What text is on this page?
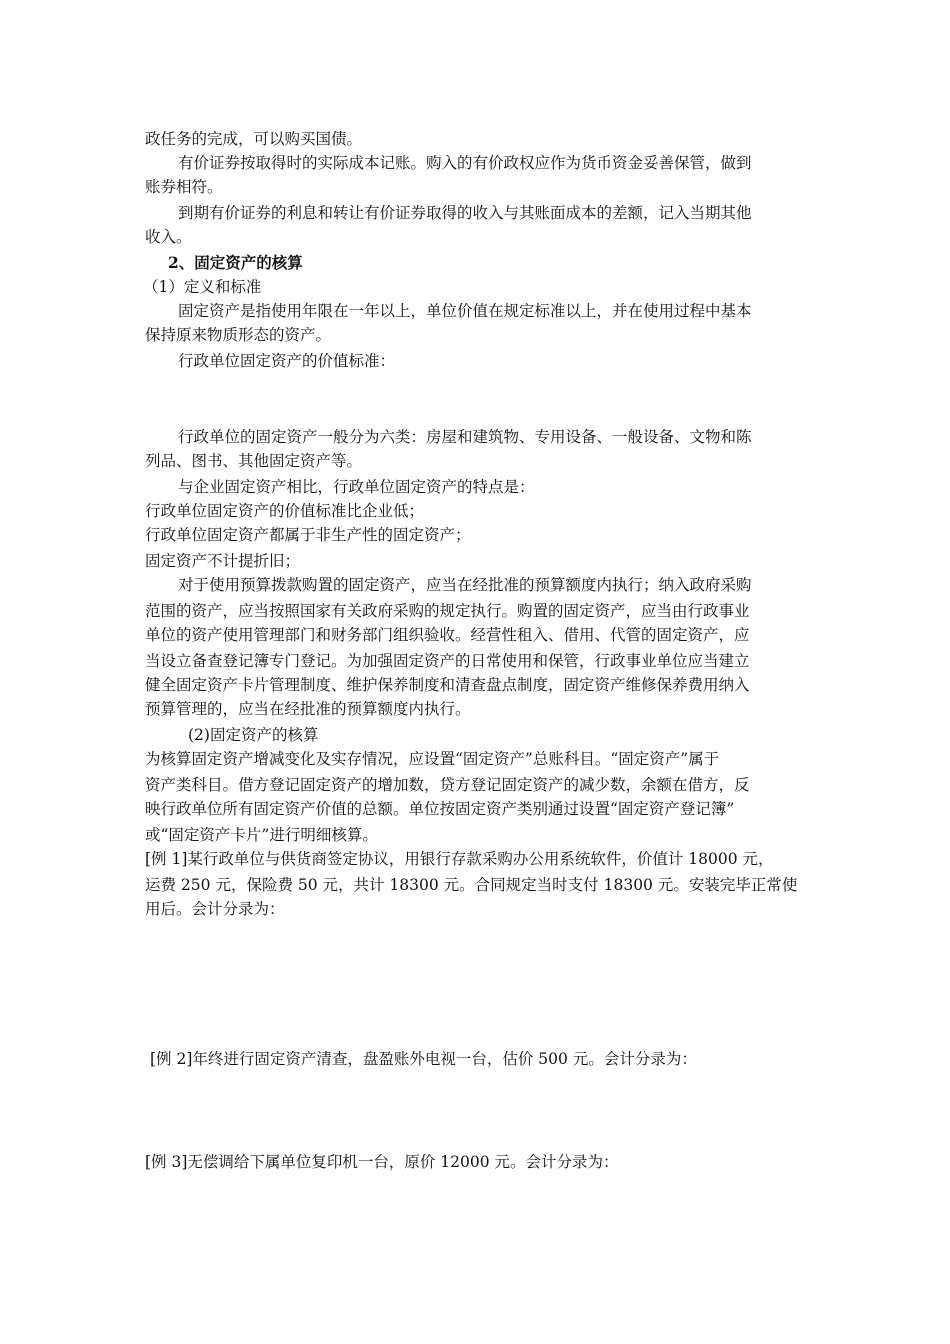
政任务的完成，可以购买国债。
有价证券按取得时的实际成本记账。购入的有价政权应作为货币资金妥善保管，做到
账券相符。
到期有价证券的利息和转让有价证券取得的收入与其账面成本的差额，记入当期其他
收入。
2、固定资产的核算
（1）定义和标准
固定资产是指使用年限在一年以上，单位价值在规定标准以上，并在使用过程中基本
保持原来物质形态的资产。
行政单位固定资产的价值标准：
行政单位的固定资产一般分为六类：房屋和建筑物、专用设备、一般设备、文物和陈
列品、图书、其他固定资产等。
与企业固定资产相比，行政单位固定资产的特点是：
行政单位固定资产的价值标准比企业低；
行政单位固定资产都属于非生产性的固定资产；
固定资产不计提折旧；
对于使用预算拨款购置的固定资产，应当在经批准的预算额度内执行；纳入政府采购
范围的资产，应当按照国家有关政府采购的规定执行。购置的固定资产，应当由行政事业
单位的资产使用管理部门和财务部门组织验收。经营性租入、借用、代管的固定资产，应
当设立备查登记簿专门登记。为加强固定资产的日常使用和保管，行政事业单位应当建立
健全固定资产卡片管理制度、维护保养制度和清查盘点制度，固定资产维修保养费用纳入
预算管理的，应当在经批准的预算额度内执行。
(2)固定资产的核算
为核算固定资产增减变化及实存情况，应设置“固定资产”总账科目。“固定资产”属于
资产类科目。借方登记固定资产的增加数，贷方登记固定资产的减少数，余额在借方，反
映行政单位所有固定资产价值的总额。单位按固定资产类别通过设置“固定资产登记簿”
或“固定资产卡片”进行明细核算。
[例 1]某行政单位与供货商签定协议，用银行存款采购办公用系统软件，价值计 18000 元，
运费 250 元，保险费 50 元，共计 18300 元。合同规定当时支付 18300 元。安装完毕正常使
用后。会计分录为：
[例 2]年终进行固定资产清查，盘盈账外电视一台，估价 500 元。会计分录为：
[例 3]无偿调给下属单位复印机一台，原价 12000 元。会计分录为：
